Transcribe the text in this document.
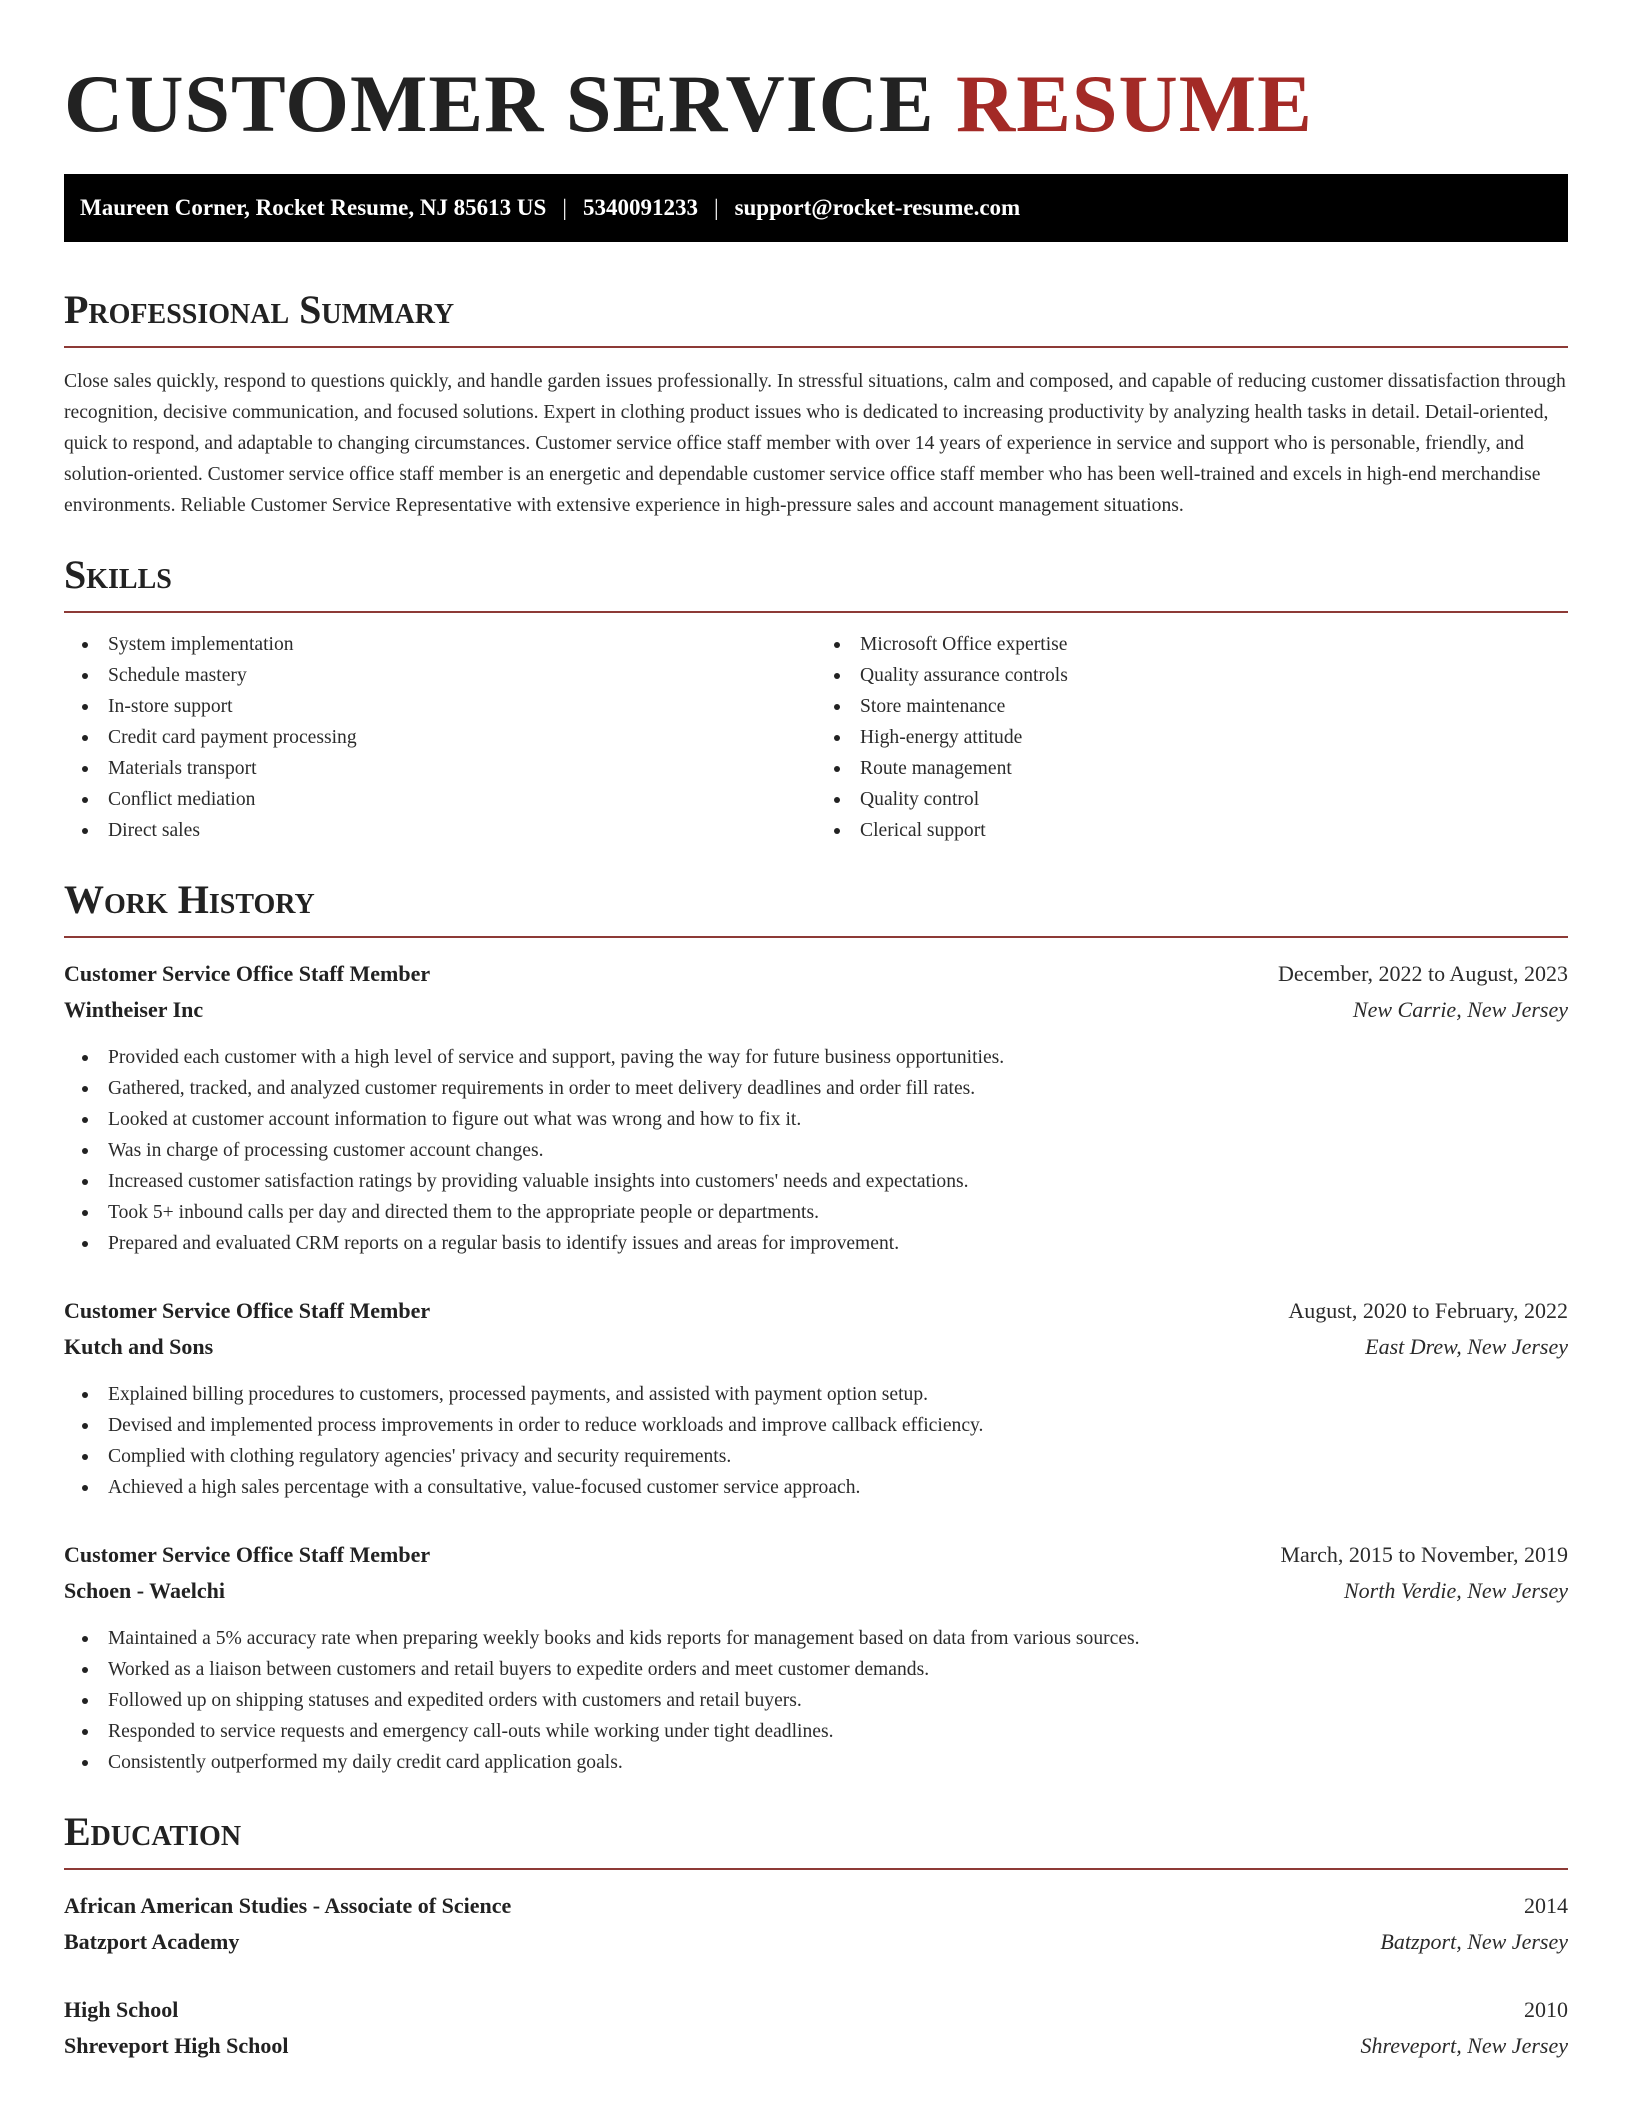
CUSTOMER SERVICE RESUME
Maureen Corner, Rocket Resume, NJ 85613 US | 5340091233 | support@rocket-resume.com
Professional Summary

Close sales quickly, respond to questions quickly, and handle garden issues professionally. In stressful situations, calm and composed, and capable of reducing customer dissatisfaction through recognition, decisive communication, and focused solutions. Expert in clothing product issues who is dedicated to increasing productivity by analyzing health tasks in detail. Detail-oriented, quick to respond, and adaptable to changing circumstances. Customer service office staff member with over 14 years of experience in service and support who is personable, friendly, and solution-oriented. Customer service office staff member is an energetic and dependable customer service office staff member who has been well-trained and excels in high-end merchandise environments. Reliable Customer Service Representative with extensive experience in high-pressure sales and account management situations.

Skills
System implementation
Schedule mastery
In-store support
Credit card payment processing
Materials transport
Conflict mediation
Direct sales
Microsoft Office expertise
Quality assurance controls
Store maintenance
High-energy attitude
Route management
Quality control
Clerical support
Work History
Customer Service Office Staff Member	December, 2022 to August, 2023
Wintheiser Inc	New Carrie, New Jersey
Provided each customer with a high level of service and support, paving the way for future business opportunities.
Gathered, tracked, and analyzed customer requirements in order to meet delivery deadlines and order fill rates.
Looked at customer account information to figure out what was wrong and how to fix it.
Was in charge of processing customer account changes.
Increased customer satisfaction ratings by providing valuable insights into customers' needs and expectations.
Took 5+ inbound calls per day and directed them to the appropriate people or departments.
Prepared and evaluated CRM reports on a regular basis to identify issues and areas for improvement.
Customer Service Office Staff Member	August, 2020 to February, 2022
Kutch and Sons	East Drew, New Jersey
Explained billing procedures to customers, processed payments, and assisted with payment option setup.
Devised and implemented process improvements in order to reduce workloads and improve callback efficiency.
Complied with clothing regulatory agencies' privacy and security requirements.
Achieved a high sales percentage with a consultative, value-focused customer service approach.
Customer Service Office Staff Member	March, 2015 to November, 2019
Schoen - Waelchi	North Verdie, New Jersey
Maintained a 5% accuracy rate when preparing weekly books and kids reports for management based on data from various sources.
Worked as a liaison between customers and retail buyers to expedite orders and meet customer demands.
Followed up on shipping statuses and expedited orders with customers and retail buyers.
Responded to service requests and emergency call-outs while working under tight deadlines.
Consistently outperformed my daily credit card application goals.
Education
African American Studies - Associate of Science	2014
Batzport Academy	Batzport, New Jersey
High School	2010
Shreveport High School	Shreveport, New Jersey
